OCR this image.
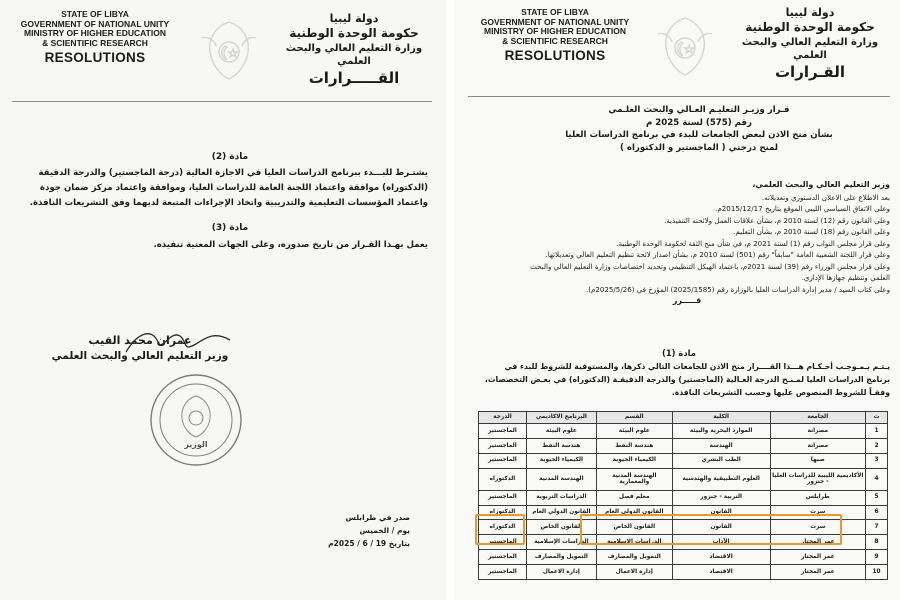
STATE OF LIBYA
GOVERNMENT OF NATIONAL UNITY
MINISTRY OF HIGHER EDUCATION
& SCIENTIFIC RESEARCH
RESOLUTIONS
دولة ليبيا
حكومة الوحدة الوطنية
وزارة التعليم العالي والبحث العلمي
القـــــرارات
مادة (2)
يشتـرط للبـــدء ببرنامج الدراسات العليا في الاجازة العالية (درجة الماجستير) والدرجة الدقيقة (الدكتوراه) موافقة واعتماد اللجنة العامة للدراسات العليا، وموافقة واعتماد مركز ضمان جودة واعتماد المؤسسات التعليمية والتدريبية واتخاذ الإجراءات المتبعة لديهما وفق التشريعات النافذة.
مادة (3)
يعمل بهـذا القـرار من تاريخ صدوره، وعلى الجهات المعنية تنفيذه.
عمران محمد القيب
وزير التعليم العالي والبحث العلمي
الوزير
صدر في طرابلس
يوم / الخميس
بتاريخ 19 / 6 / 2025م
STATE OF LIBYA
GOVERNMENT OF NATIONAL UNITY
MINISTRY OF HIGHER EDUCATION
& SCIENTIFIC RESEARCH
RESOLUTIONS
دولة ليبيا
حكومة الوحدة الوطنية
وزارة التعليم العالي والبحث العلمي
القـرارات
قـرار وزيـر التعليـم العـالي والبحث العلـمي
رقم (575) لسنة 2025 م
بشأن منح الاذن لبعض الجامعات للبدء في برنامج الدراسات العليا
لمنح درجتي ( الماجستير و الدكتوراه )
وزير التعليم العالي والبحث العلمي،
بعد الاطلاع على الاعلان الدستوري وتعديلاته.
وعلى الاتفاق السياسي الليبي الموقع بتاريخ 2015/12/17م.
وعلى القانون رقم (12) لسنة 2010 م، بشأن علاقات العمل ولائحته التنفيذية.
وعلى القانون رقم (18) لسنة 2010 م، بشأن التعليم.
وعلى قرار مجلس النواب رقم (1) لسنة 2021 م، في شأن منح الثقة لحكومة الوحدة الوطنية.
وعلى قرار اللجنة الشعبية العامة "سابقاً" رقم (501) لسنة 2010 م، بشأن اصدار لائحة تنظيم التعليم العالي وتعديلاتها.
وعلى قرار مجلس الوزراء رقم (39) لسنة 2021م، باعتماد الهيكل التنظيمي وتحديد اختصاصات وزارة التعليم العالي والبحث
العلمي وتنظيم جهازها الإداري.
وعلى كتاب السيد / مدير إدارة الدراسات العليا بالوزارة رقم (2025/1585) المؤرخ في (2025/5/26م).
قـــــرر
مادة (1)
يـتـم بـمـوجـب أحـكـام هـــذا القــــرار منح الاذن للجامعات التالي ذكرها، والمستوفية للشروط للبدء في برنامج الدراسات العليا لمـنـح الدرجة العـالية (الماجستير) والدرجة الدقيقـة (الدكتوراه) في بعـض التخصصات، وفقـاً للشروط المنصوص عليها وحسب التشريعات النافذة.
ت	الجامعة	الكلية	القسم	البرنامج الاكاديمي	الدرجة
1	مصراتة	الموارد البحرية والبيئة	علوم البيئة	علوم البيئة	الماجستير
2	مصراتة	الهندسة	هندسة النفط	هندسة النفط	الماجستير
3	صبها	الطب البشري	الكيمياء الحيوية	الكيمياء الحيوية	الماجستير
4	الأكاديمية الليبية للدراسات العليا - جنزور	العلوم التطبيقية والهندسية	الهندسة المدنية والمعمارية	الهندسة المدنية	الدكتوراه
5	طرابلس	التربية - جنزور	معلم فصل	الدراسات التربوية	الماجستير
6	سرت	القانون	القانون الدولي العام	القانون الدولي العام	الدكتوراه
7	سرت	القانون	القانون الخاص	القانون الخاص	الدكتوراه
8	عمر المختار	الآداب	الدراسات الإسلامية	الدراسات الإسلامية	الماجستير
9	عمر المختار	الاقتصاد	التمويل والمصارف	التمويل والمصارف	الماجستير
10	عمر المختار	الاقتصاد	إدارة الاعمال	إدارة الاعمال	الماجستير
